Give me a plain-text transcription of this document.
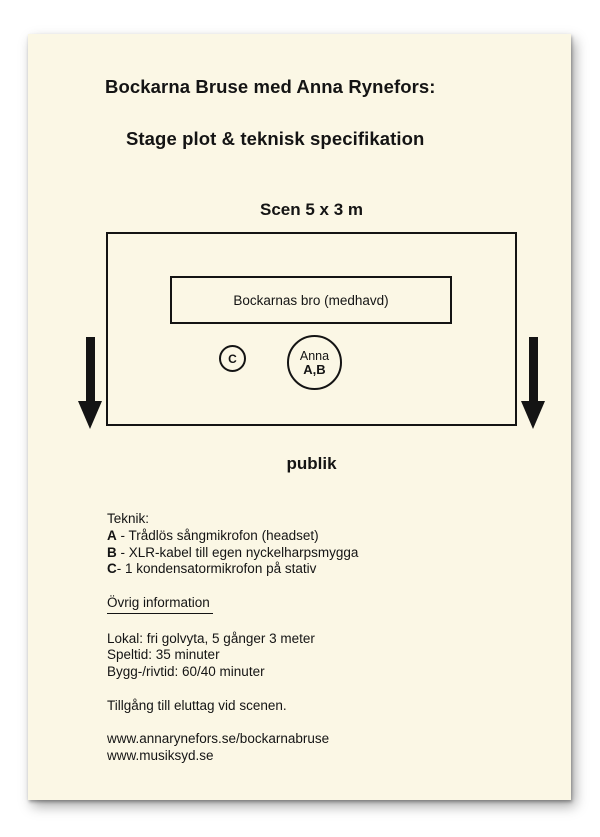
Bockarna Bruse med Anna Rynefors:

Stage plot & teknisk specifikation

Scen 5 x 3 m
Bockarnas bro (medhavd)
C	Anna
A,B
publik

Teknik:

A - Trådlös sångmikrofon (headset)

B - XLR-kabel till egen nyckelharpsmygga

C- 1 kondensatormikrofon på stativ

Övrig information

Lokal: fri golvyta, 5 gånger 3 meter

Speltid: 35 minuter

Bygg-/rivtid: 60/40 minuter

Tillgång till eluttag vid scenen.

www.annarynefors.se/bockarnabruse

www.musiksyd.se
